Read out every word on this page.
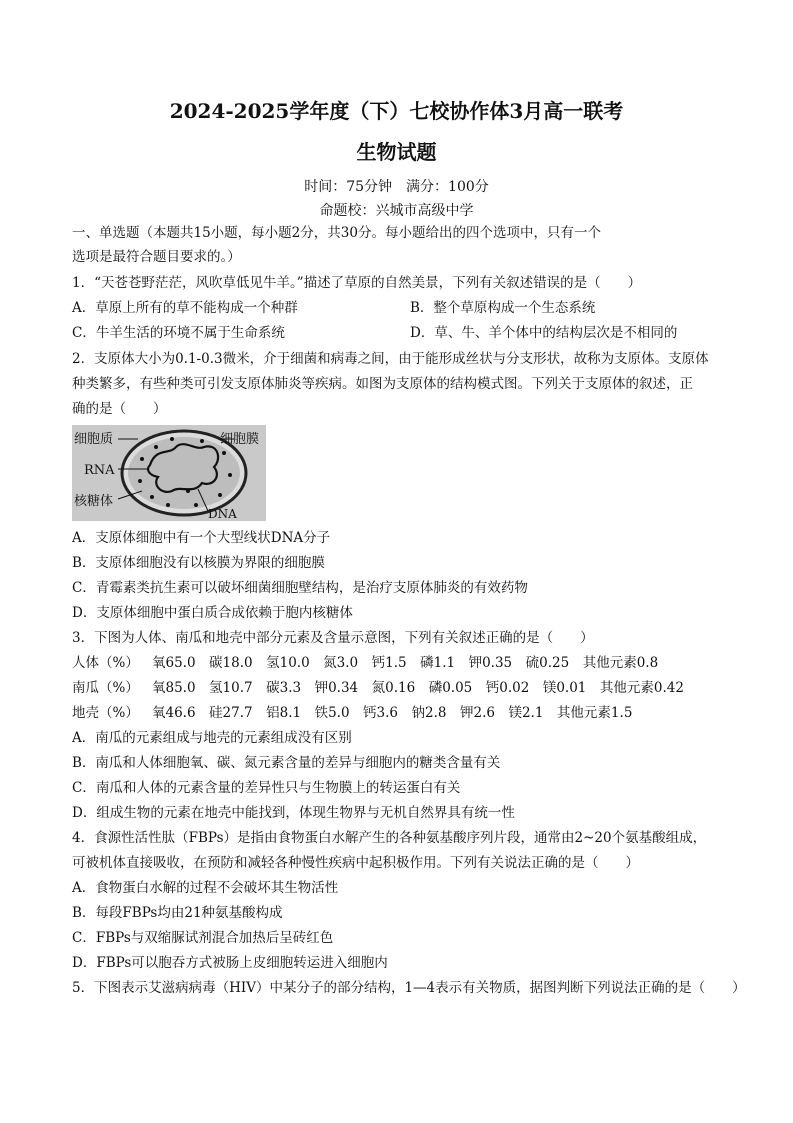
2024-2025学年度（下）七校协作体3月高一联考
生物试题
时间：75分钟　满分：100分
命题校：兴城市高级中学
一、单选题（本题共15小题，每小题2分，共30分。每小题给出的四个选项中，只有一个
选项是最符合题目要求的。）
1．“天苍苍野茫茫，风吹草低见牛羊。”描述了草原的自然美景，下列有关叙述错误的是（　　）
A．草原上所有的草不能构成一个种群	B．整个草原构成一个生态系统
C．牛羊生活的环境不属于生命系统	D．草、牛、羊个体中的结构层次是不相同的
2．支原体大小为0.1-0.3微米，介于细菌和病毒之间，由于能形成丝状与分支形状，故称为支原体。支原体
种类繁多，有些种类可引发支原体肺炎等疾病。如图为支原体的结构模式图。下列关于支原体的叙述，正
确的是（　　）
细胞质	细胞膜
RNA
核糖体
DNA
A．支原体细胞中有一个大型线状DNA分子
B．支原体细胞没有以核膜为界限的细胞膜
C．青霉素类抗生素可以破坏细菌细胞壁结构，是治疗支原体肺炎的有效药物
D．支原体细胞中蛋白质合成依赖于胞内核糖体
3．下图为人体、南瓜和地壳中部分元素及含量示意图，下列有关叙述正确的是（　　）
人体（%） 氧65.0　碳18.0　氢10.0　氮3.0　钙1.5　磷1.1　钾0.35　硫0.25　其他元素0.8
南瓜（%） 氧85.0　氢10.7　碳3.3　钾0.34　氮0.16　磷0.05　钙0.02　镁0.01　其他元素0.42
地壳（%） 氧46.6　硅27.7　铝8.1　铁5.0　钙3.6　钠2.8　钾2.6　镁2.1　其他元素1.5
A．南瓜的元素组成与地壳的元素组成没有区别
B．南瓜和人体细胞氧、碳、氮元素含量的差异与细胞内的糖类含量有关
C．南瓜和人体的元素含量的差异性只与生物膜上的转运蛋白有关
D．组成生物的元素在地壳中能找到，体现生物界与无机自然界具有统一性
4．食源性活性肽（FBPs）是指由食物蛋白水解产生的各种氨基酸序列片段，通常由2~20个氨基酸组成，
可被机体直接吸收，在预防和减轻各种慢性疾病中起积极作用。下列有关说法正确的是（　　）
A．食物蛋白水解的过程不会破坏其生物活性
B．每段FBPs均由21种氨基酸构成
C．FBPs与双缩脲试剂混合加热后呈砖红色
D．FBPs可以胞吞方式被肠上皮细胞转运进入细胞内
5．下图表示艾滋病病毒（HIV）中某分子的部分结构，1—4表示有关物质，据图判断下列说法正确的是（　　）
